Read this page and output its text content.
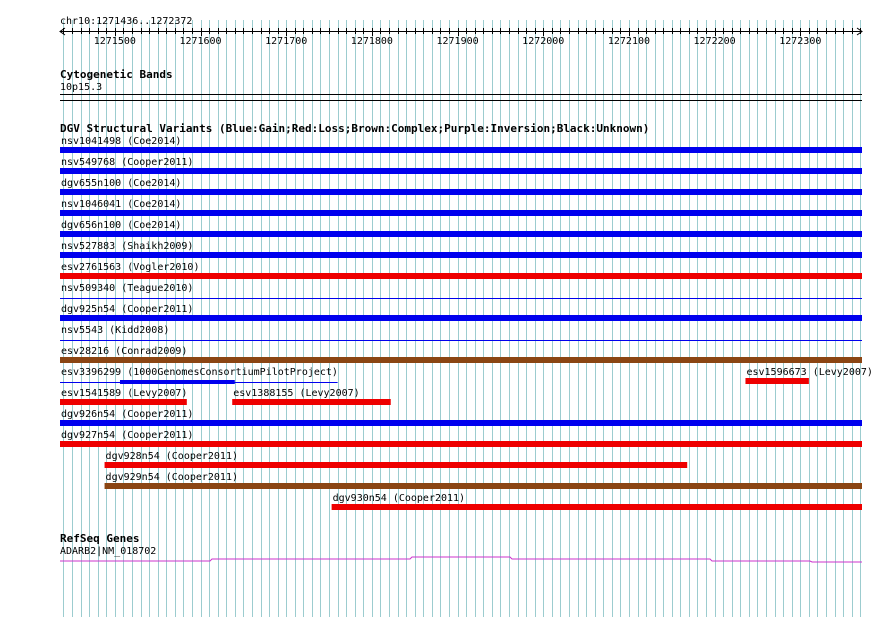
chr10:1271436..1272372
1271500	1271600	1271700	1271800	1271900	1272000	1272100	1272200	1272300
Cytogenetic Bands
10p15.3
DGV Structural Variants (Blue:Gain;Red:Loss;Brown:Complex;Purple:Inversion;Black:Unknown)
nsv1041498 (Coe2014)
nsv549768 (Cooper2011)
dgv655n100 (Coe2014)
nsv1046041 (Coe2014)
dgv656n100 (Coe2014)
nsv527883 (Shaikh2009)
esv2761563 (Vogler2010)
nsv509340 (Teague2010)
dgv925n54 (Cooper2011)
nsv5543 (Kidd2008)
esv28216 (Conrad2009)
esv3396299 (1000GenomesConsortiumPilotProject)	esv1596673 (Levy2007)
esv1541589 (Levy2007)	esv1388155 (Levy2007)
dgv926n54 (Cooper2011)
dgv927n54 (Cooper2011)
dgv928n54 (Cooper2011)
dgv929n54 (Cooper2011)
dgv930n54 (Cooper2011)
RefSeq Genes
ADARB2|NM_018702
